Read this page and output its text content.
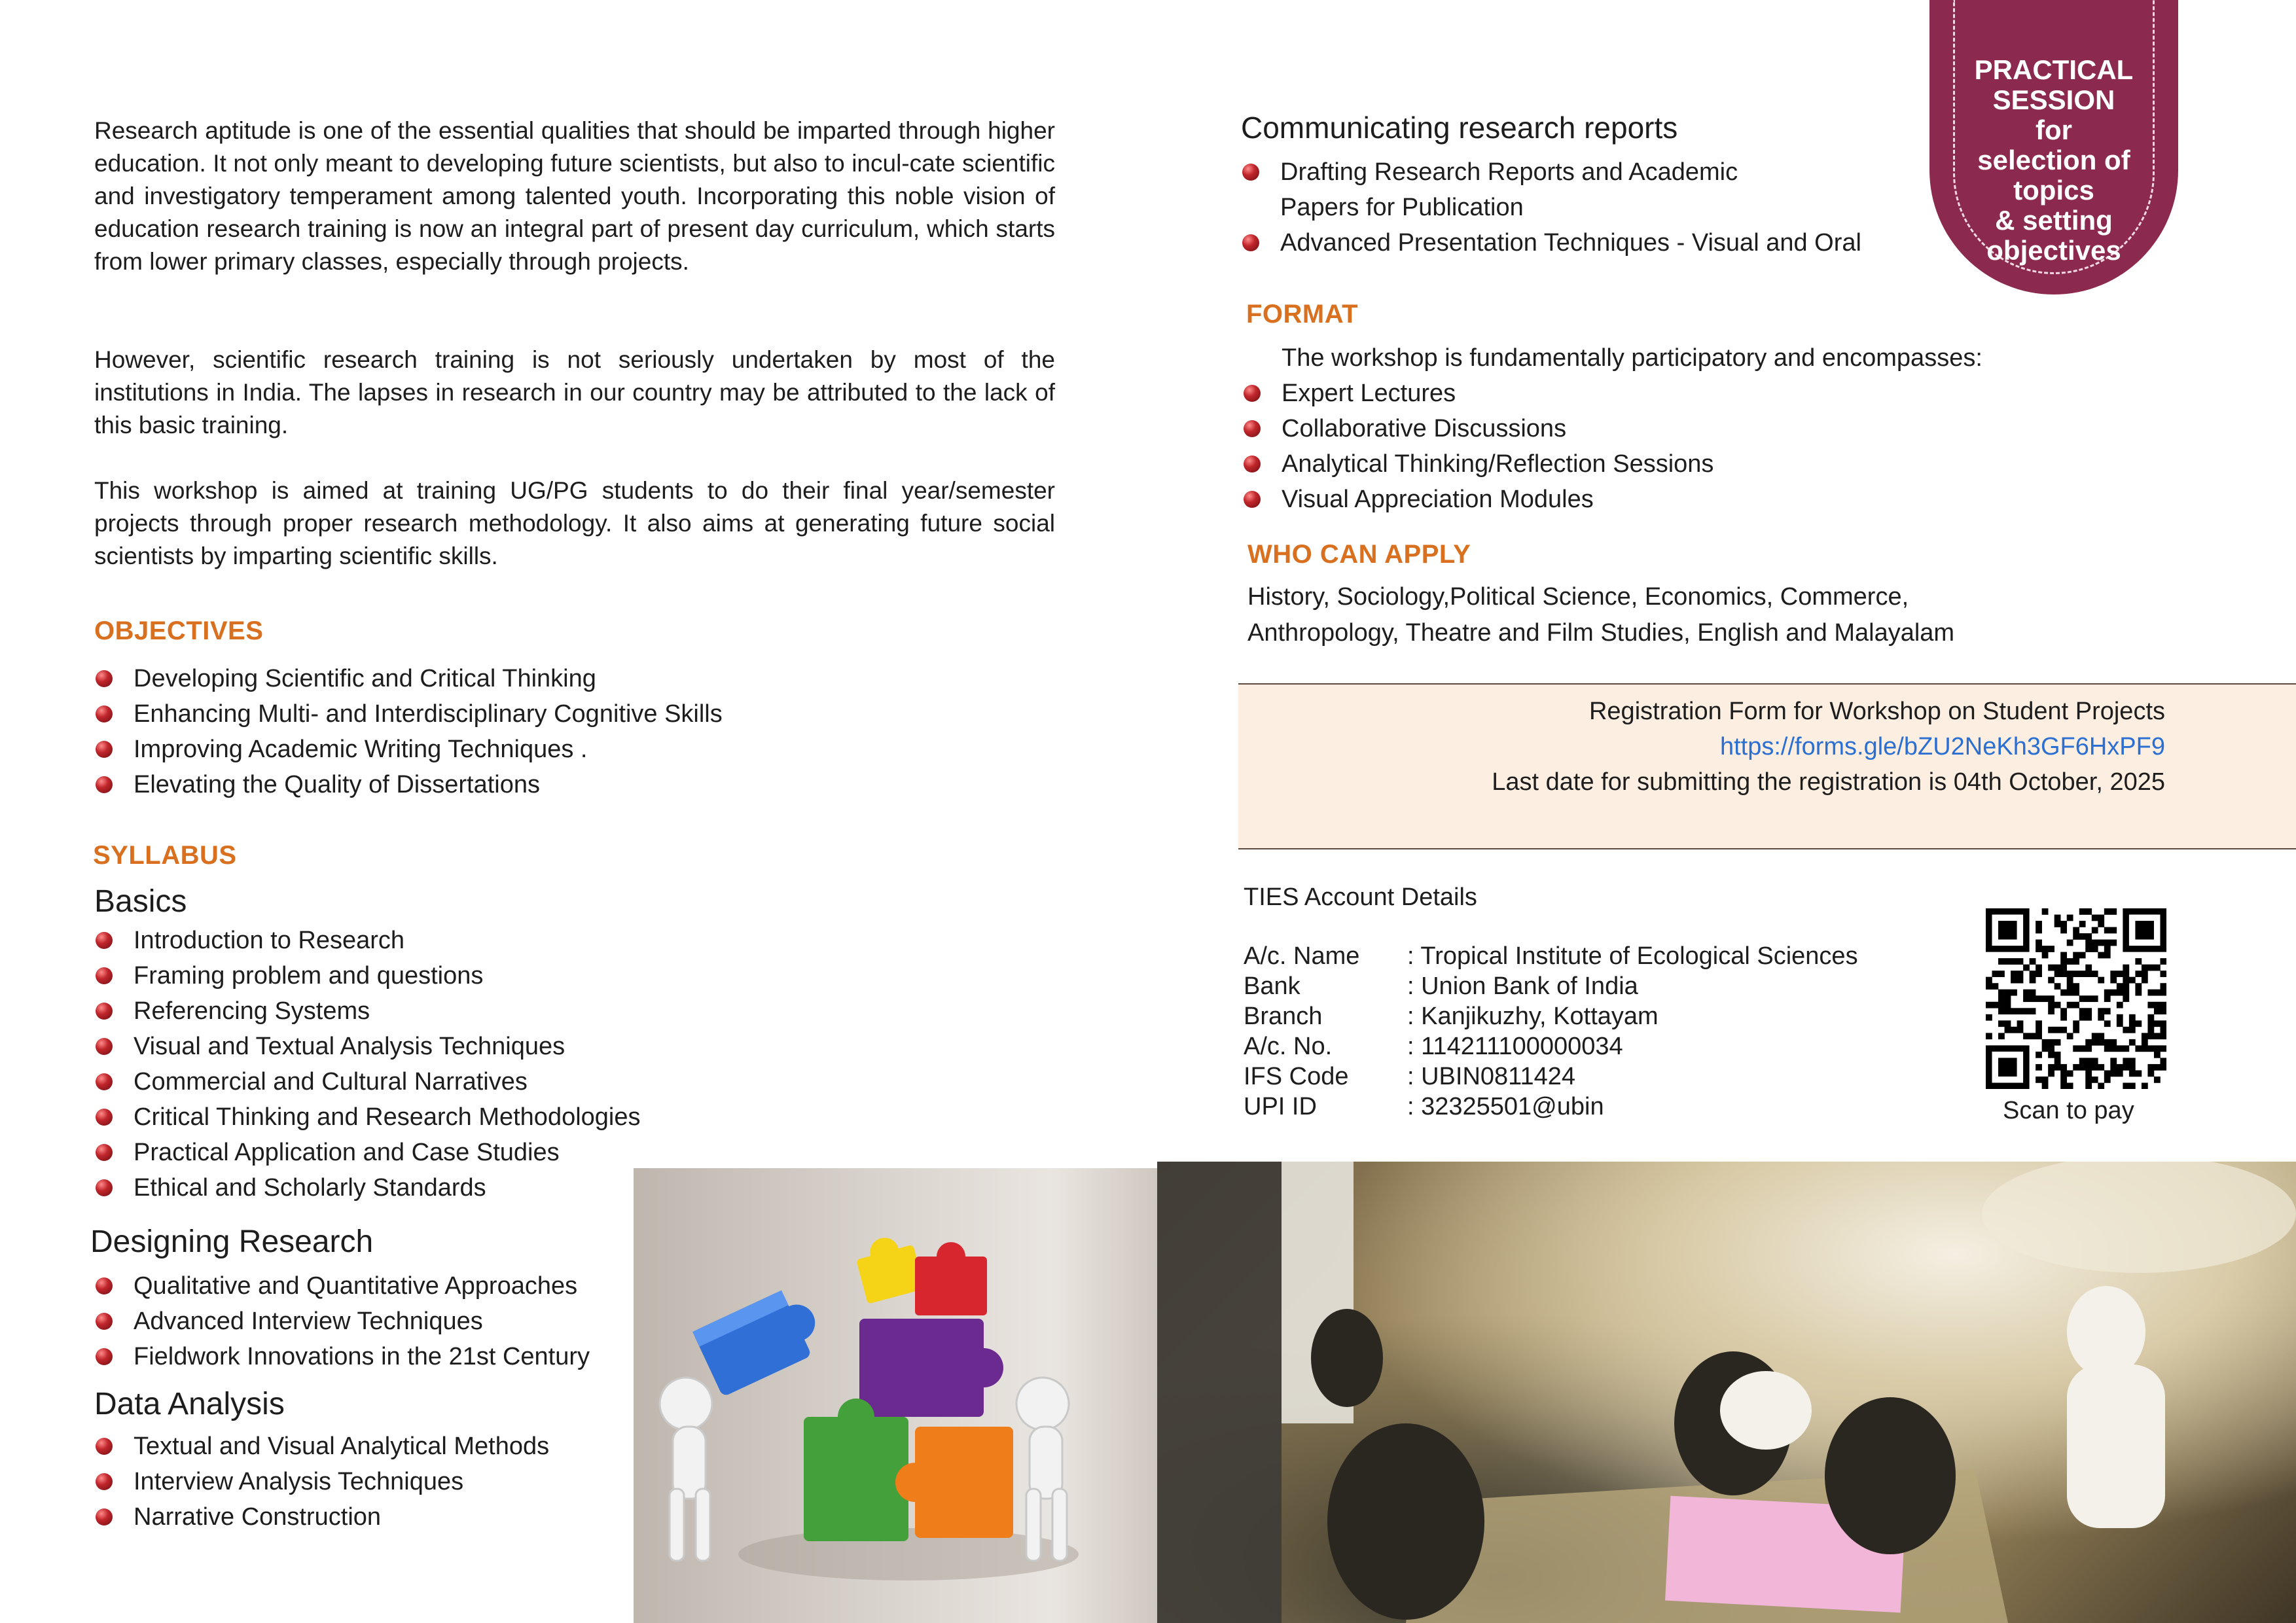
Research aptitude is one of the essential qualities that should be imparted through higher education. It not only meant to developing future scientists, but also to incul-cate scientific and investigatory temperament among talented youth. Incorporating this noble vision of education research training is now an integral part of present day curriculum, which starts from lower primary classes, especially through projects.

However, scientific research training is not seriously undertaken by most of the institutions in India. The lapses in research in our country may be attributed to the lack of this basic training.

This workshop is aimed at training UG/PG students to do their final year/semester projects through proper research methodology. It also aims at generating future social scientists by imparting scientific skills.

OBJECTIVES
Developing Scientific and Critical Thinking
Enhancing Multi- and Interdisciplinary Cognitive Skills
Improving Academic Writing Techniques .
Elevating the Quality of Dissertations
SYLLABUS
Basics
Introduction to Research
Framing problem and questions
Referencing Systems
Visual and Textual Analysis Techniques
Commercial and Cultural Narratives
Critical Thinking and Research Methodologies
Practical Application and Case Studies
Ethical and Scholarly Standards
Designing Research
Qualitative and Quantitative Approaches
Advanced Interview Techniques
Fieldwork Innovations in the 21st Century
Data Analysis
Textual and Visual Analytical Methods
Interview Analysis Techniques
Narrative Construction
Communicating research reports
Drafting Research Reports and Academic
Papers for Publication
Advanced Presentation Techniques - Visual and Oral
FORMAT
The workshop is fundamentally participatory and encompasses:
Expert Lectures
Collaborative Discussions
Analytical Thinking/Reflection Sessions
Visual Appreciation Modules
WHO CAN APPLY
History, Sociology,Political Science, Economics, Commerce,
Anthropology, Theatre and Film Studies, English and Malayalam
PRACTICAL
SESSION
for
selection of
topics
& setting
objectives
Registration Form for Workshop on Student Projects
https://forms.gle/bZU2NeKh3GF6HxPF9
Last date for submitting the registration is 04th October, 2025
TIES Account Details
A/c. Name	: Tropical Institute of Ecological Sciences
Bank	: Union Bank of India
Branch	: Kanjikuzhy, Kottayam
A/c. No.	: 114211100000034
IFS Code	: UBIN0811424
UPI ID	: 32325501@ubin	Scan to pay
